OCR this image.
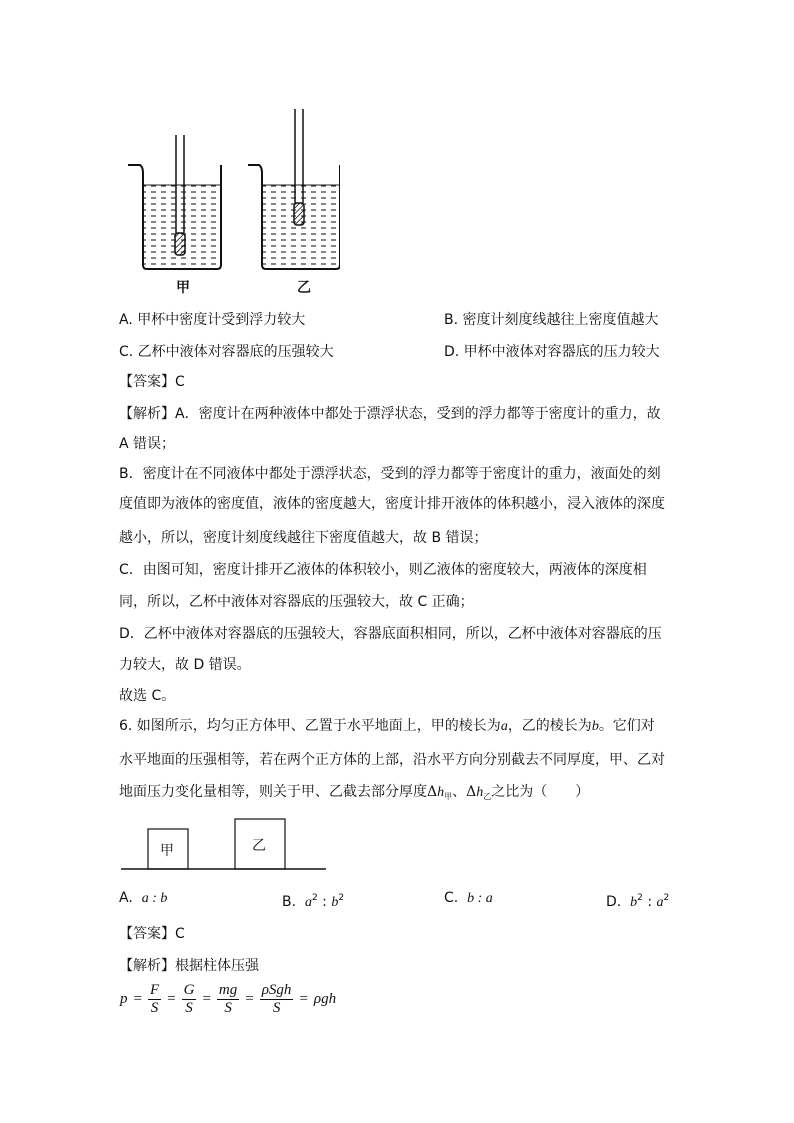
甲	乙
A. 甲杯中密度计受到浮力较大	B. 密度计刻度线越往上密度值越大
C. 乙杯中液体对容器底的压强较大	D. 甲杯中液体对容器底的压力较大
【答案】C
【解析】A．密度计在两种液体中都处于漂浮状态，受到的浮力都等于密度计的重力，故
A 错误；
B．密度计在不同液体中都处于漂浮状态，受到的浮力都等于密度计的重力，液面处的刻
度值即为液体的密度值，液体的密度越大，密度计排开液体的体积越小，浸入液体的深度
越小，所以，密度计刻度线越往下密度值越大，故 B 错误；
C．由图可知，密度计排开乙液体的体积较小，则乙液体的密度较大，两液体的深度相
同，所以，乙杯中液体对容器底的压强较大，故 C 正确；
D．乙杯中液体对容器底的压强较大，容器底面积相同，所以，乙杯中液体对容器底的压
力较大，故 D 错误。
故选 C。
6. 如图所示，均匀正方体甲、乙置于水平地面上，甲的棱长为a，乙的棱长为b。它们对
水平地面的压强相等，若在两个正方体的上部，沿水平方向分别截去不同厚度，甲、乙对
地面压力变化量相等，则关于甲、乙截去部分厚度$\Delta h_甲$、$\Delta h_乙$之比为（　　）
甲	乙
A. a : b	B. $a^2$ : $b^2$	C. b : a	D. $b^2$ : $a^2$
【答案】C
【解析】根据柱体压强
$p = \frac{F}{S} = \frac{G}{S} = \frac{mg}{S} = \frac{\text{ρSgh}}{S} = \rho gh$
